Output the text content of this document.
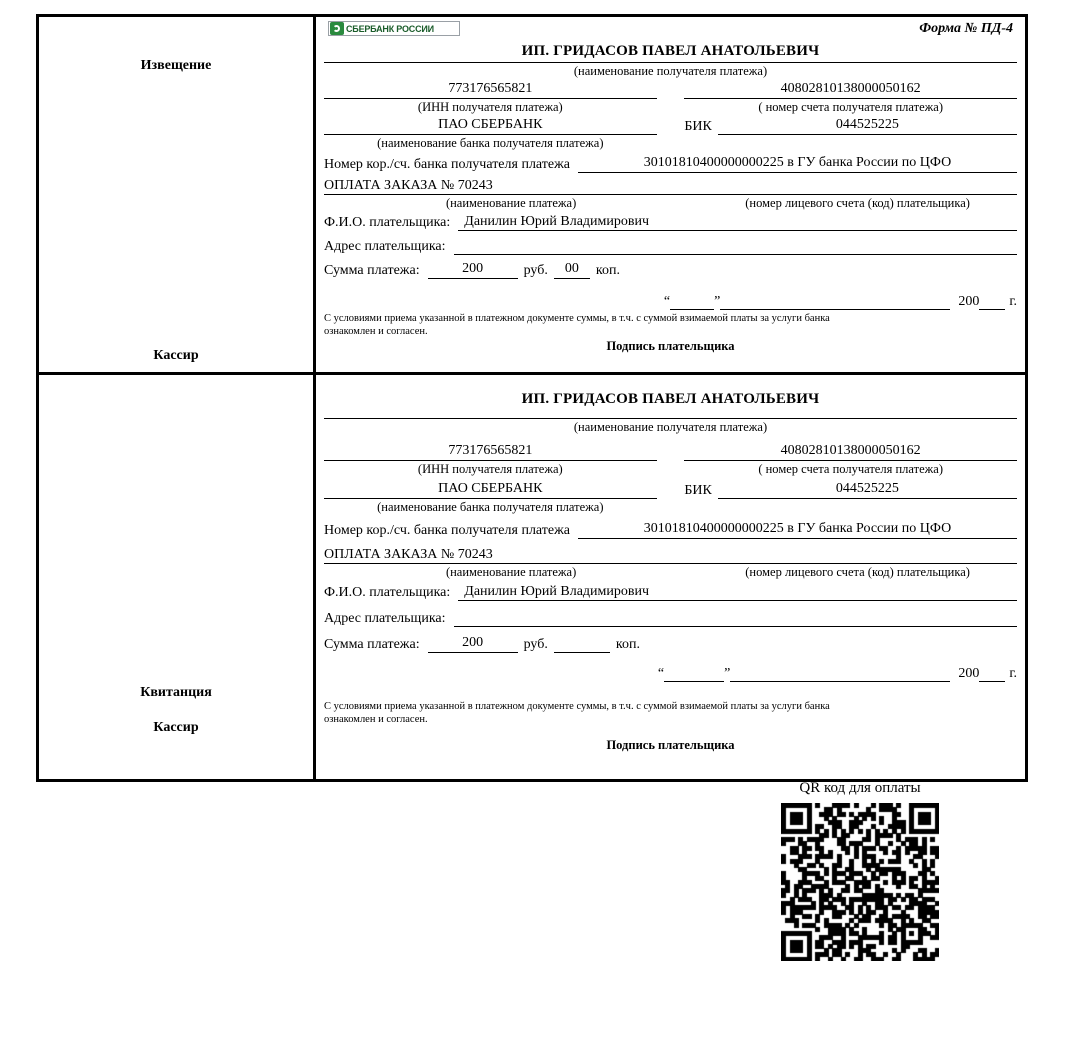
Извещение
Кассир
СБЕРБАНК РОССИИ	Форма № ПД-4
ИП. ГРИДАСОВ ПАВЕЛ АНАТОЛЬЕВИЧ
(наименование получателя платежа)
773176565821
(ИНН получателя платежа)
40802810138000050162
( номер счета получателя платежа)
ПАО СБЕРБАНК	БИК	044525225
(наименование банка получателя платежа)
Номер кор./сч. банка получателя платежа	30101810400000000225 в ГУ банка России по ЦФО
ОПЛАТА ЗАКАЗА № 70243
(наименование платежа)
	(номер лицевого счета (код) плательщика)
Ф.И.О. плательщика:	Данилин Юрий Владимирович
Адрес плательщика:
Сумма платежа:	200	руб.	00	коп.
“
	”
	200
г.
С условиями приема указанной в платежном документе суммы, в т.ч. с суммой взимаемой платы за услуги банка
ознакомлен и согласен.
Подпись плательщика
Квитанция
Кассир
ИП. ГРИДАСОВ ПАВЕЛ АНАТОЛЬЕВИЧ
(наименование получателя платежа)
773176565821
(ИНН получателя платежа)
40802810138000050162
( номер счета получателя платежа)
ПАО СБЕРБАНК	БИК	044525225
(наименование банка получателя платежа)
Номер кор./сч. банка получателя платежа	30101810400000000225 в ГУ банка России по ЦФО
ОПЛАТА ЗАКАЗА № 70243
(наименование платежа)
	(номер лицевого счета (код) плательщика)
Ф.И.О. плательщика:	Данилин Юрий Владимирович
Адрес плательщика:
Сумма платежа:	200	руб.	коп.
“
	”
	200
г.
С условиями приема указанной в платежном документе суммы, в т.ч. с суммой взимаемой платы за услуги банка
ознакомлен и согласен.
Подпись плательщика
QR код для оплаты
